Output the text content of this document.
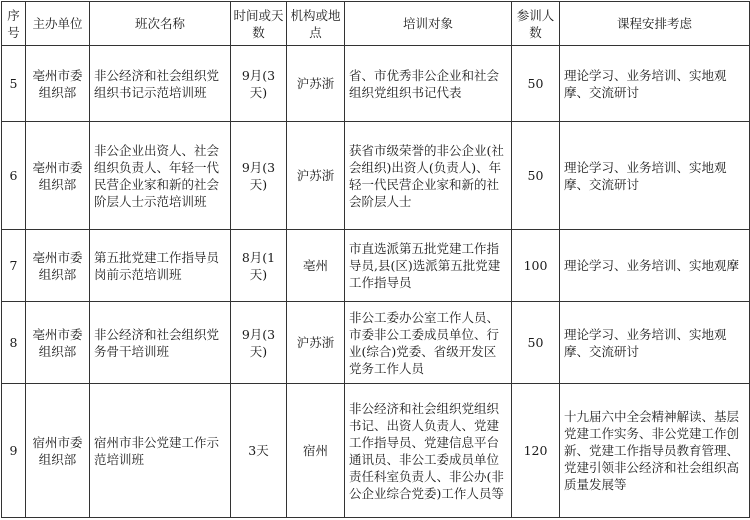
序号	主办单位	班次名称	时间或天数	机构或地点	培训对象	参训人数	课程安排考虑
5	亳州市委组织部	非公经济和社会组织党组织书记示范培训班	9月(3天)	沪苏浙	省、市优秀非公企业和社会组织党组织书记代表	50	理论学习、业务培训、实地观摩、交流研讨
6	亳州市委组织部	非公企业出资人、社会组织负责人、年轻一代民营企业家和新的社会阶层人士示范培训班	9月(3天)	沪苏浙	获省市级荣誉的非公企业(社会组织)出资人(负责人)、年轻一代民营企业家和新的社会阶层人士	50	理论学习、业务培训、实地观摩、交流研讨
7	亳州市委组织部	第五批党建工作指导员岗前示范培训班	8月(1天)	亳州	市直选派第五批党建工作指导员,县(区)选派第五批党建工作指导员	100	理论学习、业务培训、实地观摩
8	亳州市委组织部	非公经济和社会组织党务骨干培训班	9月(3天)	沪苏浙	非公工委办公室工作人员、市委非公工委成员单位、行业(综合)党委、省级开发区党务工作人员	50	理论学习、业务培训、实地观摩、交流研讨
9	宿州市委组织部	宿州市非公党建工作示范培训班	3天	宿州	非公经济和社会组织党组织书记、出资人负责人、党建工作指导员、党建信息平台通讯员、非公工委成员单位责任科室负责人、非公办(非公企业综合党委)工作人员等	120	十九届六中全会精神解读、基层党建工作实务、非公党建工作创新、党建工作指导员教育管理、党建引领非公经济和社会组织高质量发展等
